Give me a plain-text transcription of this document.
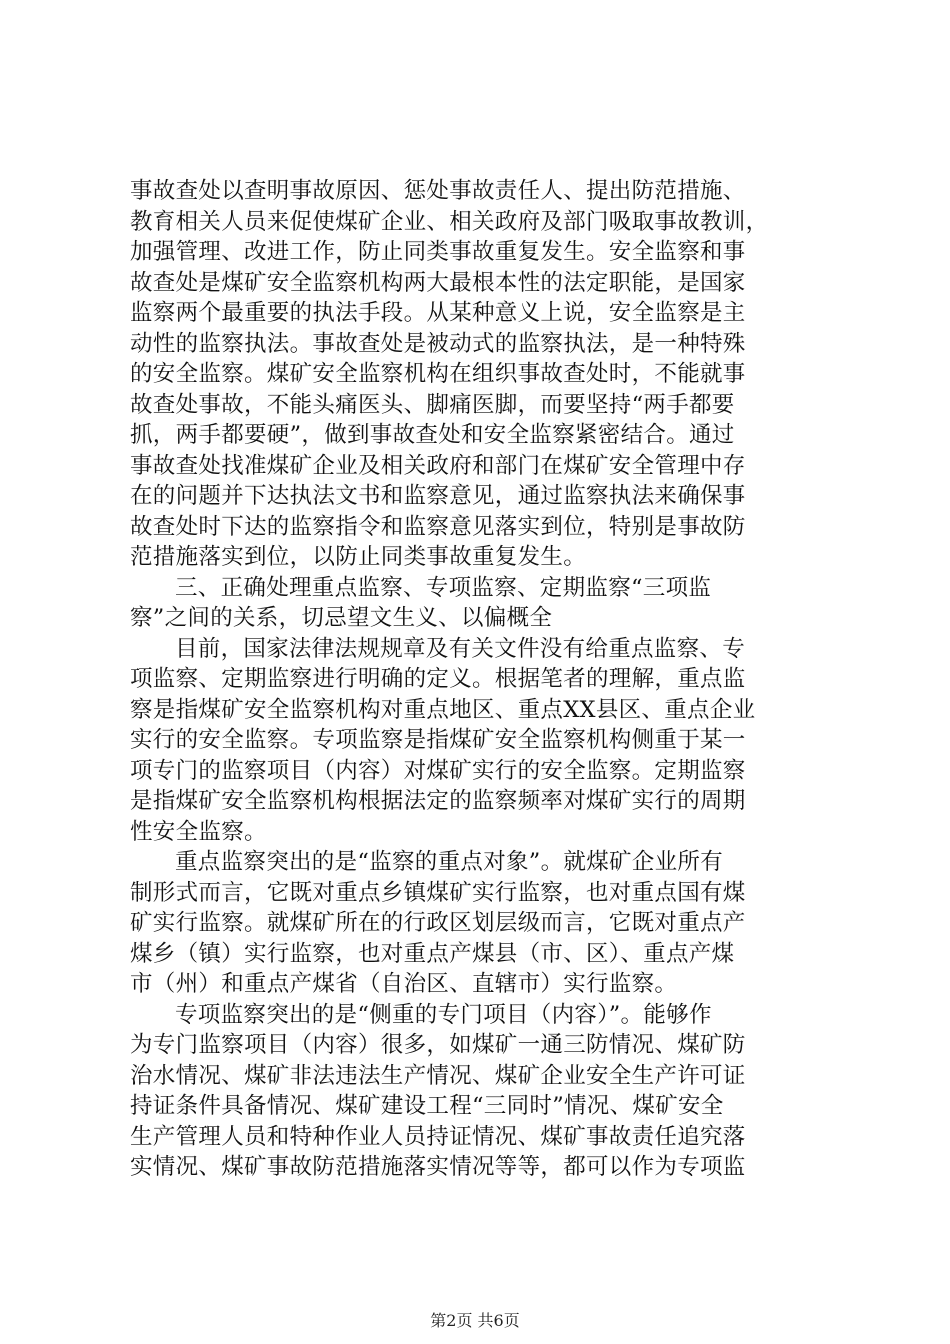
事故查处以查明事故原因、惩处事故责任人、提出防范措施、
教育相关人员来促使煤矿企业、相关政府及部门吸取事故教训，
加强管理、改进工作，防止同类事故重复发生。安全监察和事
故查处是煤矿安全监察机构两大最根本性的法定职能，是国家
监察两个最重要的执法手段。从某种意义上说，安全监察是主
动性的监察执法。事故查处是被动式的监察执法，是一种特殊
的安全监察。煤矿安全监察机构在组织事故查处时，不能就事
故查处事故，不能头痛医头、脚痛医脚，而要坚持“两手都要
抓，两手都要硬”，做到事故查处和安全监察紧密结合。通过
事故查处找准煤矿企业及相关政府和部门在煤矿安全管理中存
在的问题并下达执法文书和监察意见，通过监察执法来确保事
故查处时下达的监察指令和监察意见落实到位，特别是事故防
范措施落实到位，以防止同类事故重复发生。
三、正确处理重点监察、专项监察、定期监察“三项监
察”之间的关系，切忌望文生义、以偏概全
目前，国家法律法规规章及有关文件没有给重点监察、专
项监察、定期监察进行明确的定义。根据笔者的理解，重点监
察是指煤矿安全监察机构对重点地区、重点XX县区、重点企业
实行的安全监察。专项监察是指煤矿安全监察机构侧重于某一
项专门的监察项目（内容）对煤矿实行的安全监察。定期监察
是指煤矿安全监察机构根据法定的监察频率对煤矿实行的周期
性安全监察。
重点监察突出的是“监察的重点对象”。就煤矿企业所有
制形式而言，它既对重点乡镇煤矿实行监察，也对重点国有煤
矿实行监察。就煤矿所在的行政区划层级而言，它既对重点产
煤乡（镇）实行监察，也对重点产煤县（市、区）、重点产煤
市（州）和重点产煤省（自治区、直辖市）实行监察。
专项监察突出的是“侧重的专门项目（内容）”。能够作
为专门监察项目（内容）很多，如煤矿一通三防情况、煤矿防
治水情况、煤矿非法违法生产情况、煤矿企业安全生产许可证
持证条件具备情况、煤矿建设工程“三同时”情况、煤矿安全
生产管理人员和特种作业人员持证情况、煤矿事故责任追究落
实情况、煤矿事故防范措施落实情况等等，都可以作为专项监
第2页 共6页
